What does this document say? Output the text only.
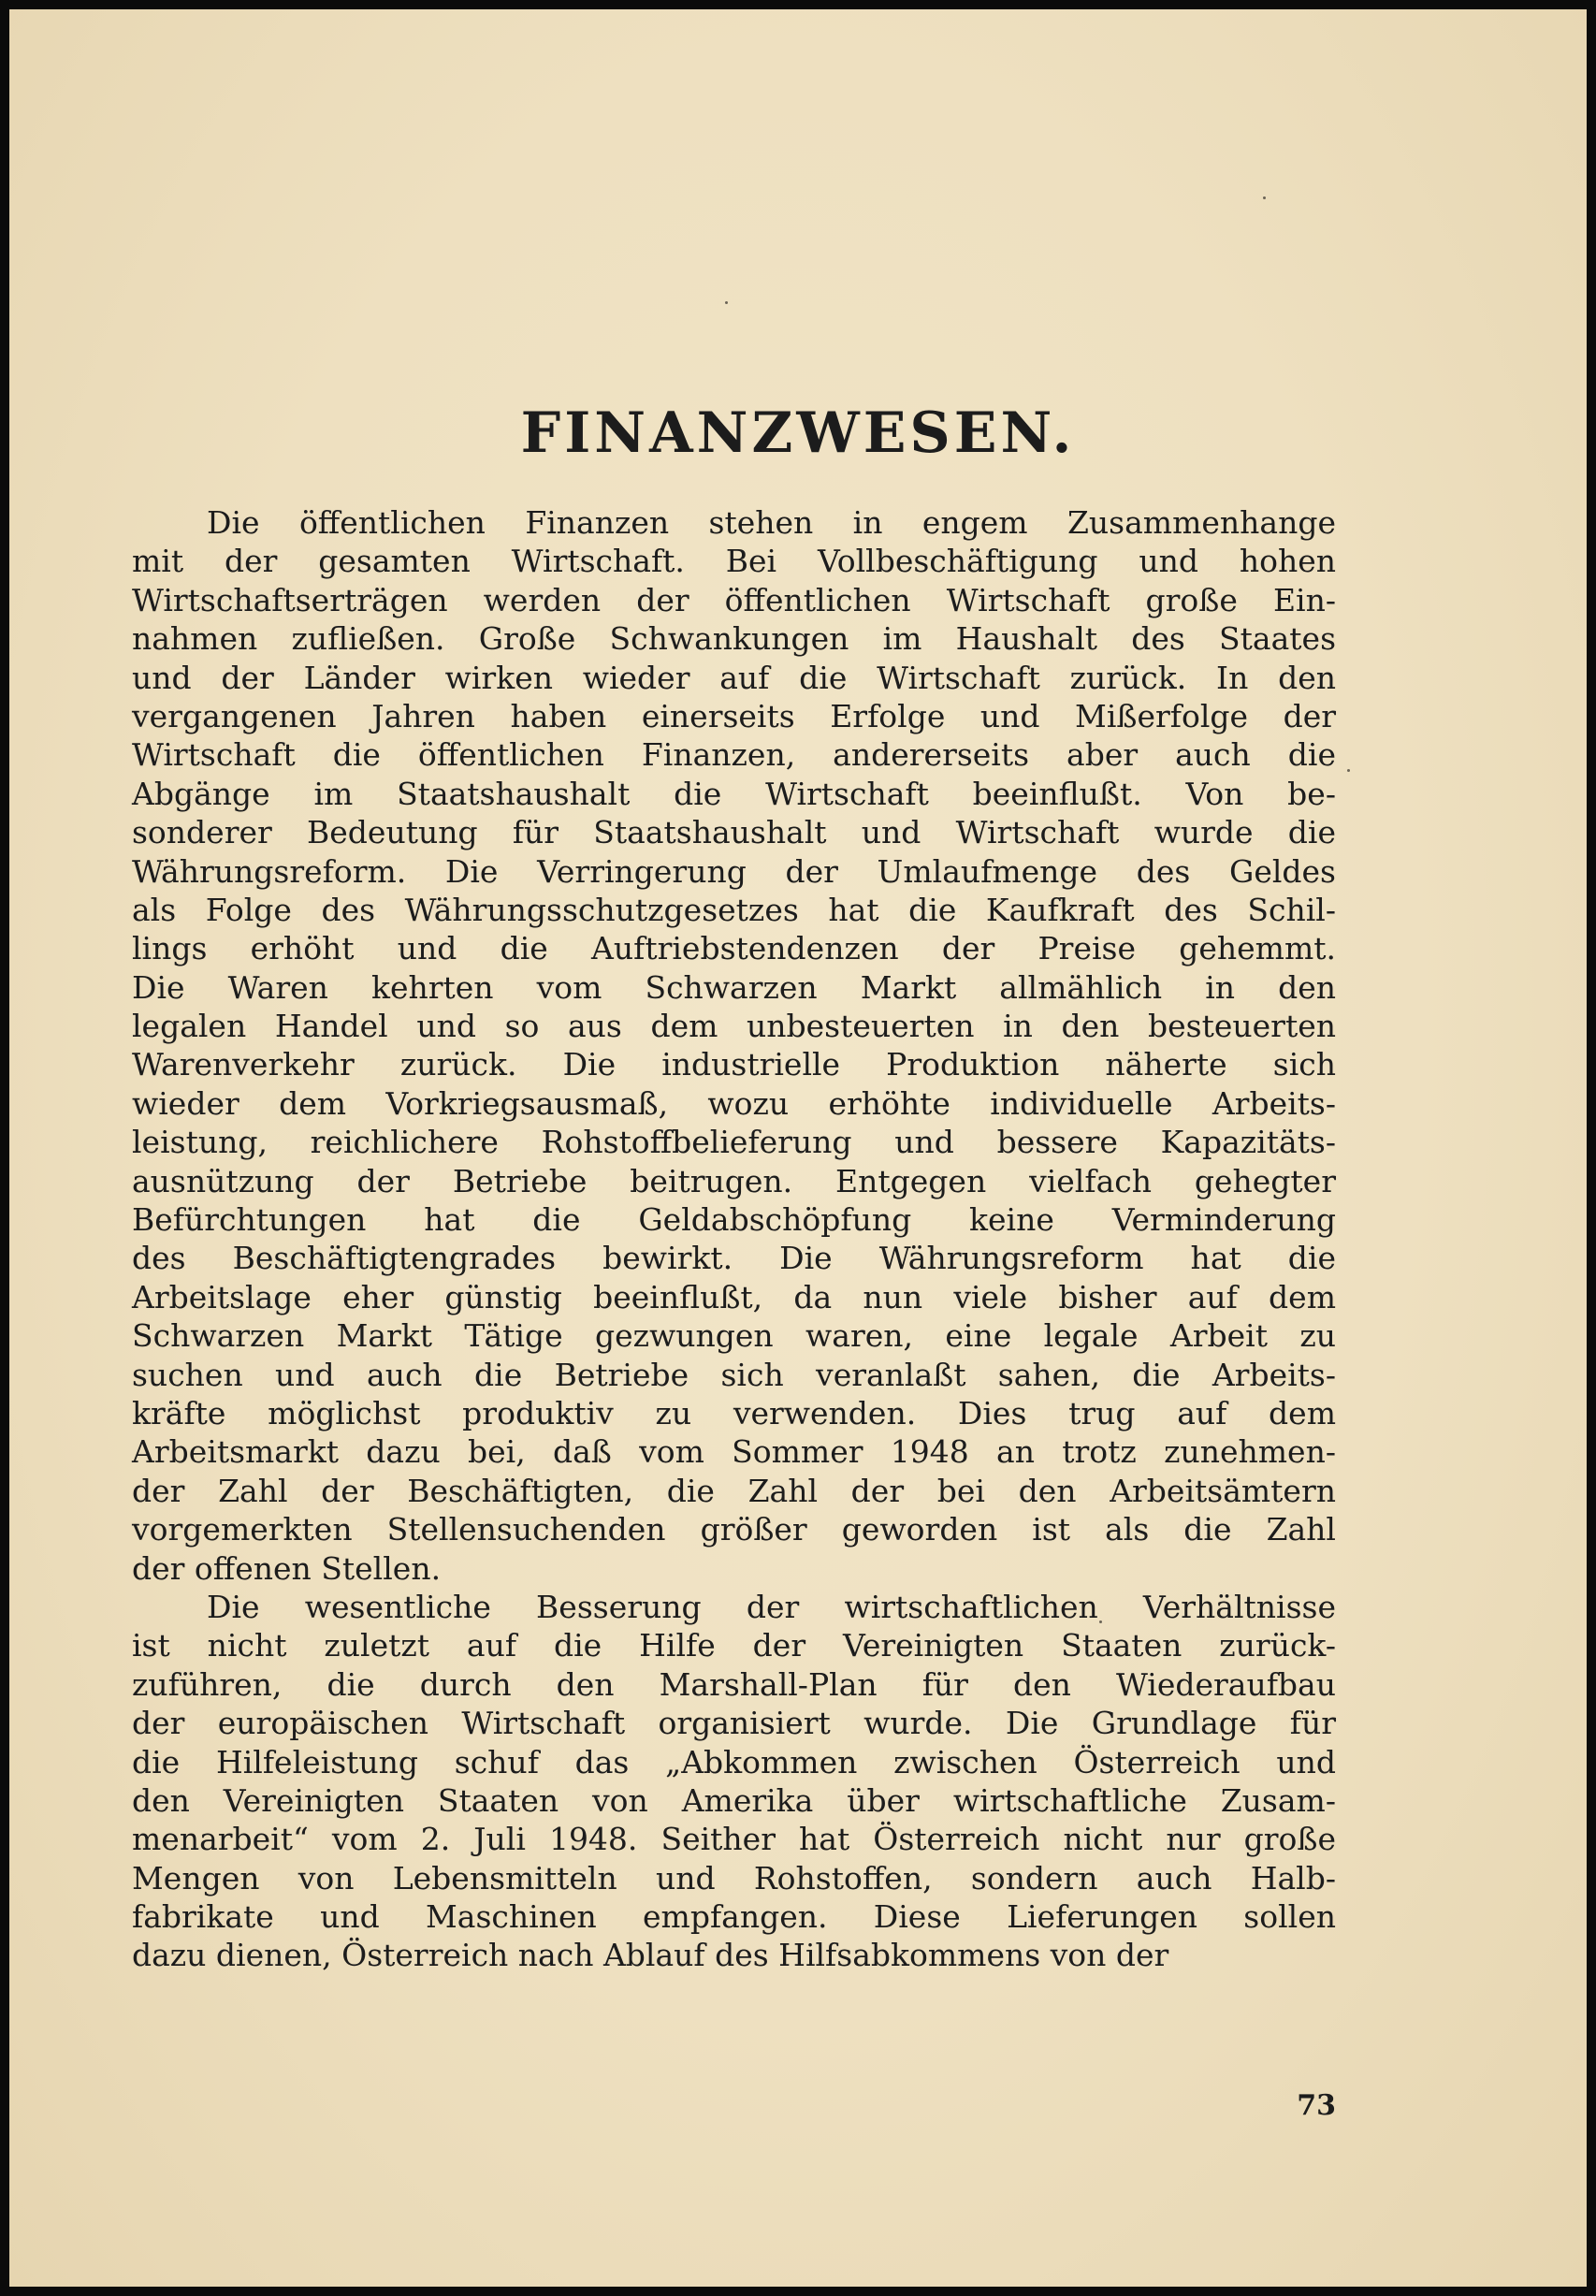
FINANZWESEN.
Die öffentlichen Finanzen stehen in engem Zusammenhange
mit der gesamten Wirtschaft. Bei Vollbeschäftigung und hohen
Wirtschaftserträgen werden der öffentlichen Wirtschaft große Ein-
nahmen zufließen. Große Schwankungen im Haushalt des Staates
und der Länder wirken wieder auf die Wirtschaft zurück. In den
vergangenen Jahren haben einerseits Erfolge und Mißerfolge der
Wirtschaft die öffentlichen Finanzen, andererseits aber auch die
Abgänge im Staatshaushalt die Wirtschaft beeinflußt. Von be-
sonderer Bedeutung für Staatshaushalt und Wirtschaft wurde die
Währungsreform. Die Verringerung der Umlaufmenge des Geldes
als Folge des Währungsschutzgesetzes hat die Kaufkraft des Schil-
lings erhöht und die Auftriebstendenzen der Preise gehemmt.
Die Waren kehrten vom Schwarzen Markt allmählich in den
legalen Handel und so aus dem unbesteuerten in den besteuerten
Warenverkehr zurück. Die industrielle Produktion näherte sich
wieder dem Vorkriegsausmaß, wozu erhöhte individuelle Arbeits-
leistung, reichlichere Rohstoffbelieferung und bessere Kapazitäts-
ausnützung der Betriebe beitrugen. Entgegen vielfach gehegter
Befürchtungen hat die Geldabschöpfung keine Verminderung
des Beschäftigtengrades bewirkt. Die Währungsreform hat die
Arbeitslage eher günstig beeinflußt, da nun viele bisher auf dem
Schwarzen Markt Tätige gezwungen waren, eine legale Arbeit zu
suchen und auch die Betriebe sich veranlaßt sahen, die Arbeits-
kräfte möglichst produktiv zu verwenden. Dies trug auf dem
Arbeitsmarkt dazu bei, daß vom Sommer 1948 an trotz zunehmen-
der Zahl der Beschäftigten, die Zahl der bei den Arbeitsämtern
vorgemerkten Stellensuchenden größer geworden ist als die Zahl
der offenen Stellen.
Die wesentliche Besserung der wirtschaftlichen Verhältnisse
ist nicht zuletzt auf die Hilfe der Vereinigten Staaten zurück-
zuführen, die durch den Marshall-Plan für den Wiederaufbau
der europäischen Wirtschaft organisiert wurde. Die Grundlage für
die Hilfeleistung schuf das „Abkommen zwischen Österreich und
den Vereinigten Staaten von Amerika über wirtschaftliche Zusam-
menarbeit“ vom 2. Juli 1948. Seither hat Österreich nicht nur große
Mengen von Lebensmitteln und Rohstoffen, sondern auch Halb-
fabrikate und Maschinen empfangen. Diese Lieferungen sollen
dazu dienen, Österreich nach Ablauf des Hilfsabkommens von der
73
